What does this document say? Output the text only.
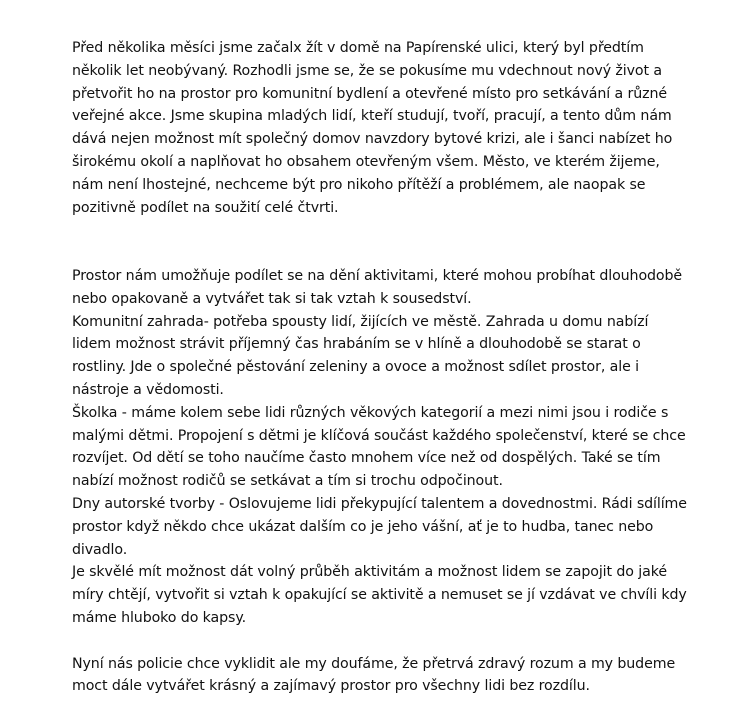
Před několika měsíci jsme začalx žít v domě na Papírenské ulici, který byl předtím
několik let neobývaný. Rozhodli jsme se, že se pokusíme mu vdechnout nový život a
přetvořit ho na prostor pro komunitní bydlení a otevřené místo pro setkávání a různé
veřejné akce. Jsme skupina mladých lidí, kteří studují, tvoří, pracují, a tento dům nám
dává nejen možnost mít společný domov navzdory bytové krizi, ale i šanci nabízet ho
širokému okolí a naplňovat ho obsahem otevřeným všem. Město, ve kterém žijeme,
nám není lhostejné, nechceme být pro nikoho přítěží a problémem, ale naopak se
pozitivně podílet na soužití celé čtvrti.
Prostor nám umožňuje podílet se na dění aktivitami, které mohou probíhat dlouhodobě
nebo opakovaně a vytvářet tak si tak vztah k sousedství.
Komunitní zahrada- potřeba spousty lidí, žijících ve městě. Zahrada u domu nabízí
lidem možnost strávit příjemný čas hrabáním se v hlíně a dlouhodobě se starat o
rostliny. Jde o společné pěstování zeleniny a ovoce a možnost sdílet prostor, ale i
nástroje a vědomosti.
Školka - máme kolem sebe lidi různých věkových kategorií a mezi nimi jsou i rodiče s
malými dětmi. Propojení s dětmi je klíčová součást každého společenství, které se chce
rozvíjet. Od dětí se toho naučíme často mnohem více než od dospělých. Také se tím
nabízí možnost rodičů se setkávat a tím si trochu odpočinout.
Dny autorské tvorby - Oslovujeme lidi překypující talentem a dovednostmi. Rádi sdílíme
prostor když někdo chce ukázat dalším co je jeho vášní, ať je to hudba, tanec nebo
divadlo.
Je skvělé mít možnost dát volný průběh aktivitám a možnost lidem se zapojit do jaké
míry chtějí, vytvořit si vztah k opakující se aktivitě a nemuset se jí vzdávat ve chvíli kdy
máme hluboko do kapsy.
Nyní nás policie chce vyklidit ale my doufáme, že přetrvá zdravý rozum a my budeme
moct dále vytvářet krásný a zajímavý prostor pro všechny lidi bez rozdílu.
